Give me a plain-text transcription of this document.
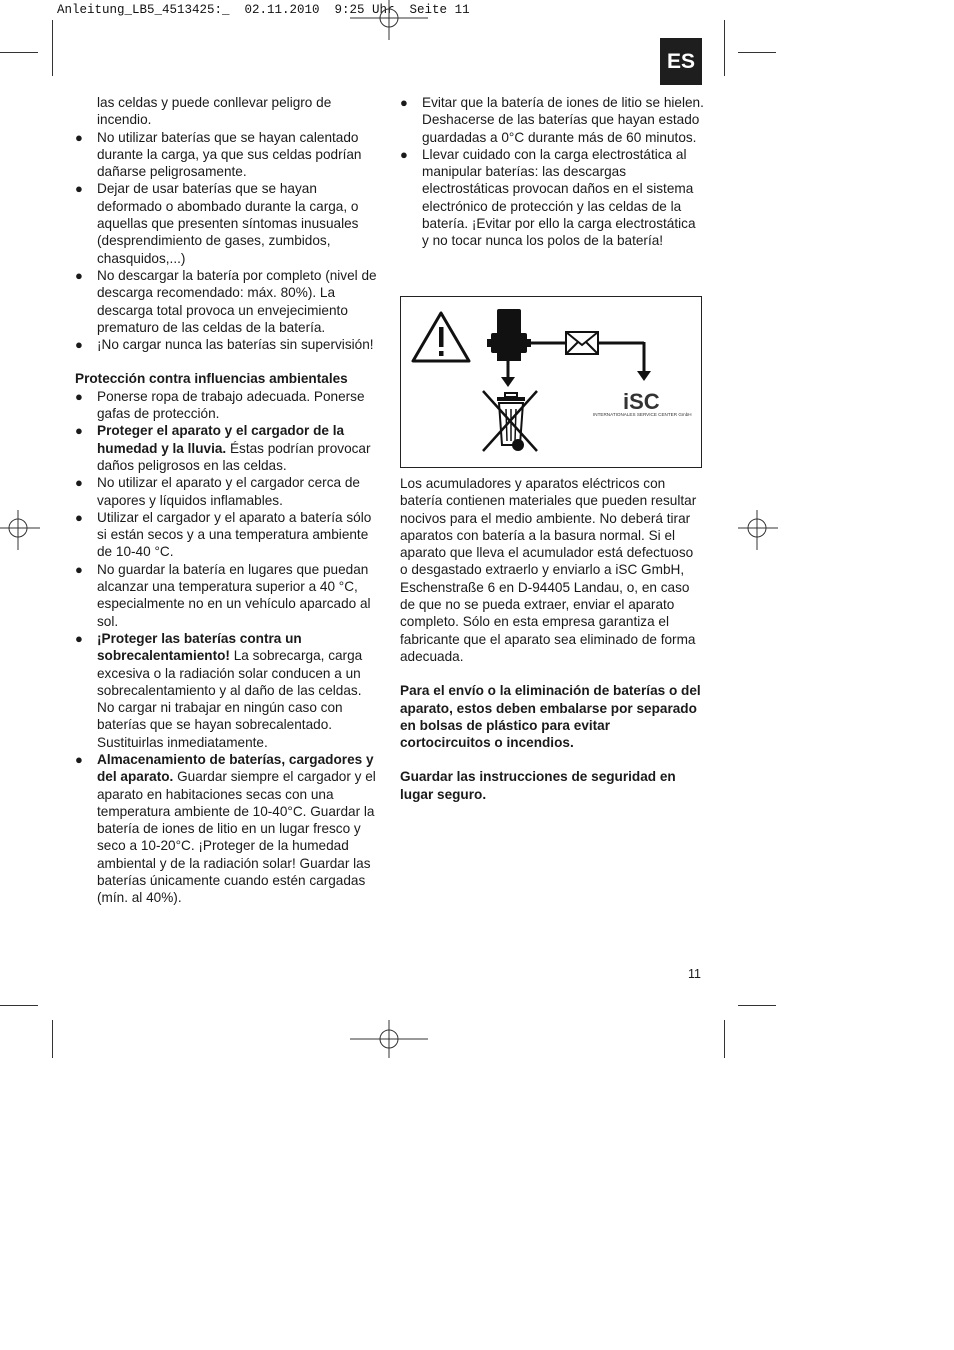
Anleitung_LB5_4513425:_  02.11.2010  9:25 Uhr  Seite 11
ES
las celdas y puede conllevar peligro de incendio.
● No utilizar baterías que se hayan calentado durante la carga, ya que sus celdas podrían dañarse peligrosamente.
● Dejar de usar baterías que se hayan deformado o abombado durante la carga, o aquellas que presenten síntomas inusuales (desprendimiento de gases, zumbidos, chasquidos,...)
● No descargar la batería por completo (nivel de descarga recomendado: máx. 80%). La descarga total provoca un envejecimiento prematuro de las celdas de la batería.
● ¡No cargar nunca las baterías sin supervisión!
Protección contra influencias ambientales
● Ponerse ropa de trabajo adecuada. Ponerse gafas de protección.
● Proteger el aparato y el cargador de la humedad y la lluvia. Éstas podrían provocar daños peligrosos en las celdas.
● No utilizar el aparato y el cargador cerca de vapores y líquidos inflamables.
● Utilizar el cargador y el aparato a batería sólo si están secos y a una temperatura ambiente de 10-40 °C.
● No guardar la batería en lugares que puedan alcanzar una temperatura superior a 40 °C, especialmente no en un vehículo aparcado al sol.
● ¡Proteger las baterías contra un sobrecalentamiento! La sobrecarga, carga excesiva o la radiación solar conducen a un sobrecalentamiento y al daño de las celdas. No cargar ni trabajar en ningún caso con baterías que se hayan sobrecalentado. Sustituirlas inmediatamente.
● Almacenamiento de baterías, cargadores y del aparato. Guardar siempre el cargador y el aparato en habitaciones secas con una temperatura ambiente de 10-40°C. Guardar la batería de iones de litio en un lugar fresco y seco a 10-20°C. ¡Proteger de la humedad ambiental y de la radiación solar! Guardar las baterías únicamente cuando estén cargadas (mín. al 40%).
● Evitar que la batería de iones de litio se hielen. Deshacerse de las baterías que hayan estado guardadas a 0°C durante más de 60 minutos.
● Llevar cuidado con la carga electrostática al manipular baterías: las descargas electrostáticas provocan daños en el sistema electrónico de protección y las celdas de la batería. ¡Evitar por ello la carga electrostática y no tocar nunca los polos de la batería!
iSC
INTERNATIONALES SERVICE CENTER GmbH
Los acumuladores y aparatos eléctricos con batería contienen materiales que pueden resultar nocivos para el medio ambiente. No deberá tirar aparatos con batería a la basura normal. Si el aparato que lleva el acumulador está defectuoso o desgastado extraerlo y enviarlo a iSC GmbH, Eschenstraße 6 en D-94405 Landau, o, en caso de que no se pueda extraer, enviar el aparato completo. Sólo en esta empresa garantiza el fabricante que el aparato sea eliminado de forma adecuada.
Para el envío o la eliminación de baterías o del aparato, estos deben embalarse por separado en bolsas de plástico para evitar cortocircuitos o incendios.
Guardar las instrucciones de seguridad en lugar seguro.
11
